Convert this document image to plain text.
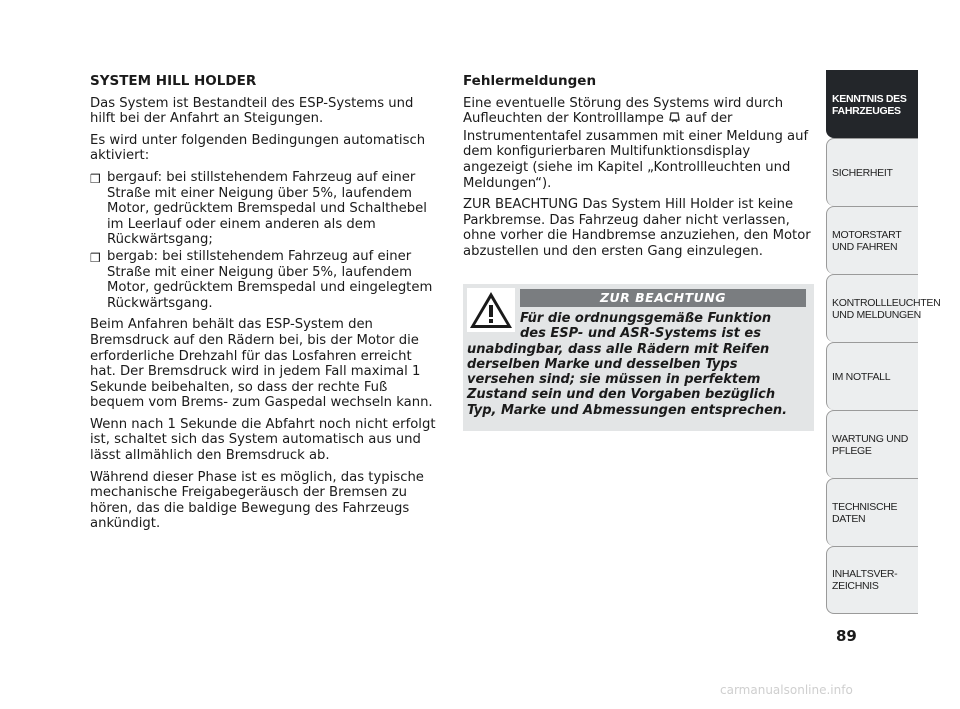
SYSTEM HILL HOLDER

Das System ist Bestandteil des ESP-Systems und hilft bei der Anfahrt an Steigungen.

Es wird unter folgenden Bedingungen automatisch aktiviert:

❒ bergauf: bei stillstehendem Fahrzeug auf einer Straße mit einer Neigung über 5%, laufendem Motor, gedrücktem Bremspedal und Schalthebel im Leerlauf oder einem anderen als dem Rückwärtsgang;
❒ bergab: bei stillstehendem Fahrzeug auf einer Straße mit einer Neigung über 5%, laufendem Motor, gedrücktem Bremspedal und eingelegtem Rückwärtsgang.

Beim Anfahren behält das ESP-System den Bremsdruck auf den Rädern bei, bis der Motor die erforderliche Drehzahl für das Losfahren erreicht hat. Der Bremsdruck wird in jedem Fall maximal 1 Sekunde beibehalten, so dass der rechte Fuß bequem vom Brems- zum Gaspedal wechseln kann.

Wenn nach 1 Sekunde die Abfahrt noch nicht erfolgt ist, schaltet sich das System automatisch aus und lässt allmählich den Bremsdruck ab.

Während dieser Phase ist es möglich, das typische mechanische Freigabegeräusch der Bremsen zu hören, das die baldige Bewegung des Fahrzeugs ankündigt.

Fehlermeldungen

Eine eventuelle Störung des Systems wird durch Aufleuchten der Kontrolllampe auf der Instrumententafel zusammen mit einer Meldung auf dem konfigurierbaren Multifunktionsdisplay angezeigt (siehe im Kapitel „Kontrollleuchten und Meldungen“).

ZUR BEACHTUNG Das System Hill Holder ist keine Parkbremse. Das Fahrzeug daher nicht verlassen, ohne vorher die Handbremse anzuziehen, den Motor abzustellen und den ersten Gang einzulegen.

ZUR BEACHTUNG
Für die ordnungsgemäße Funktion
des ESP- und ASR-Systems ist es
unabdingbar, dass alle Rädern mit Reifen derselben Marke und desselben Typs versehen sind; sie müssen in perfektem Zustand sein und den Vorgaben bezüglich Typ, Marke und Abmessungen entsprechen.
KENNTNIS DES FAHRZEUGES
SICHERHEIT
MOTORSTART UND FAHREN
KONTROLLLEUCHTEN UND MELDUNGEN
IM NOTFALL
WARTUNG UND PFLEGE
TECHNISCHE DATEN
INHALTSVER- ZEICHNIS
89
carmanualsonline.info
